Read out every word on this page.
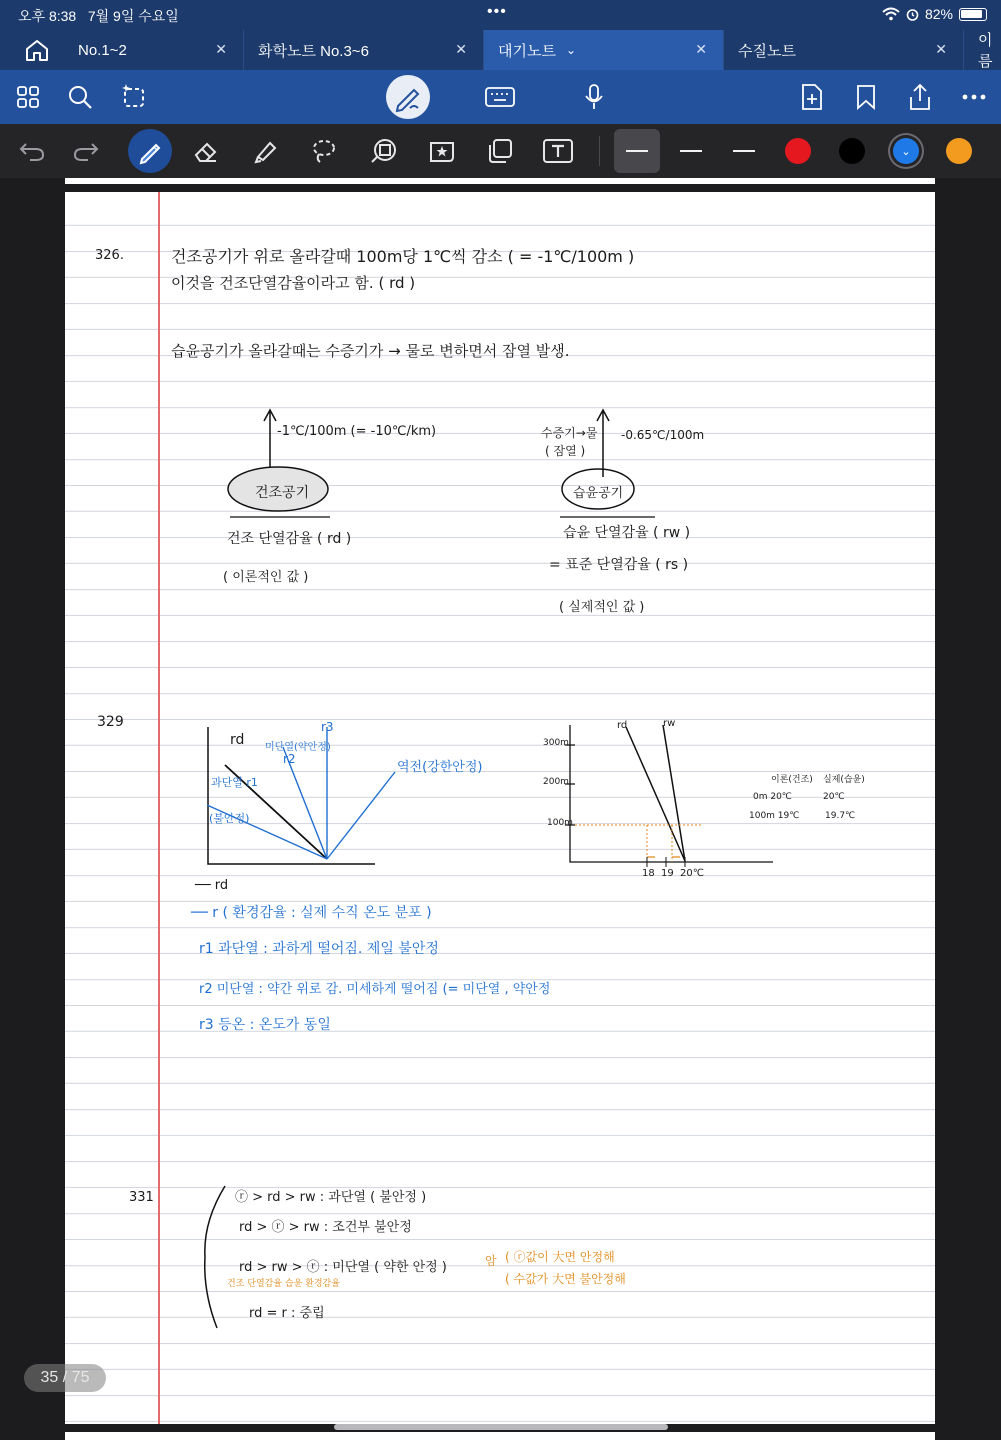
오후 8:38 7월 9일 수요일	•••	82%
No.1~2	✕ 화학노트 No.3~6	✕ 대기노트 ⌄	✕ 수질노트	✕ 이름
⌄
326.	건조공기가 위로 올라갈때 100m당 1℃씩 감소 ( = -1℃/100m )
이것을 건조단열감율이라고 함. ( rd )
습윤공기가 올라갈때는 수증기가 → 물로 변하면서 잠열 발생.
-1℃/100m (= -10℃/km)
건조공기
건조 단열감율 ( rd )
( 이론적인 값 )
수증기→물
( 잠열 )
-0.65℃/100m
습윤공기
습윤 단열감율 ( rw )
= 표준 단열감율 ( rs )
( 실제적인 값 )
329
rd
r3
미단열(약안정)
r2
과단열 r1
(불안정)
역전(강한안정)
rd	rw
300m
200m
100m
18 19 20℃
이론(건조) 실제(습윤)
0m 20℃	20℃
100m 19℃	19.7℃
── rd
── r ( 환경감율 : 실제 수직 온도 분포 )
r1 과단열 : 과하게 떨어짐. 제일 불안정
r2 미단열 : 약간 위로 감. 미세하게 떨어짐 (= 미단열 , 약안정
r3 등온 : 온도가 동일
331	ⓡ > rd > rw : 과단열 ( 불안정 )
rd > ⓡ > rw : 조건부 불안정
rd > rw > ⓡ : 미단열 ( 약한 안정 )
건조 단열감율 습윤 환경감율
rd = r : 중립
암 ( ⓡ값이 大면 안정해
( 수값가 大면 불안정해
35 / 75
